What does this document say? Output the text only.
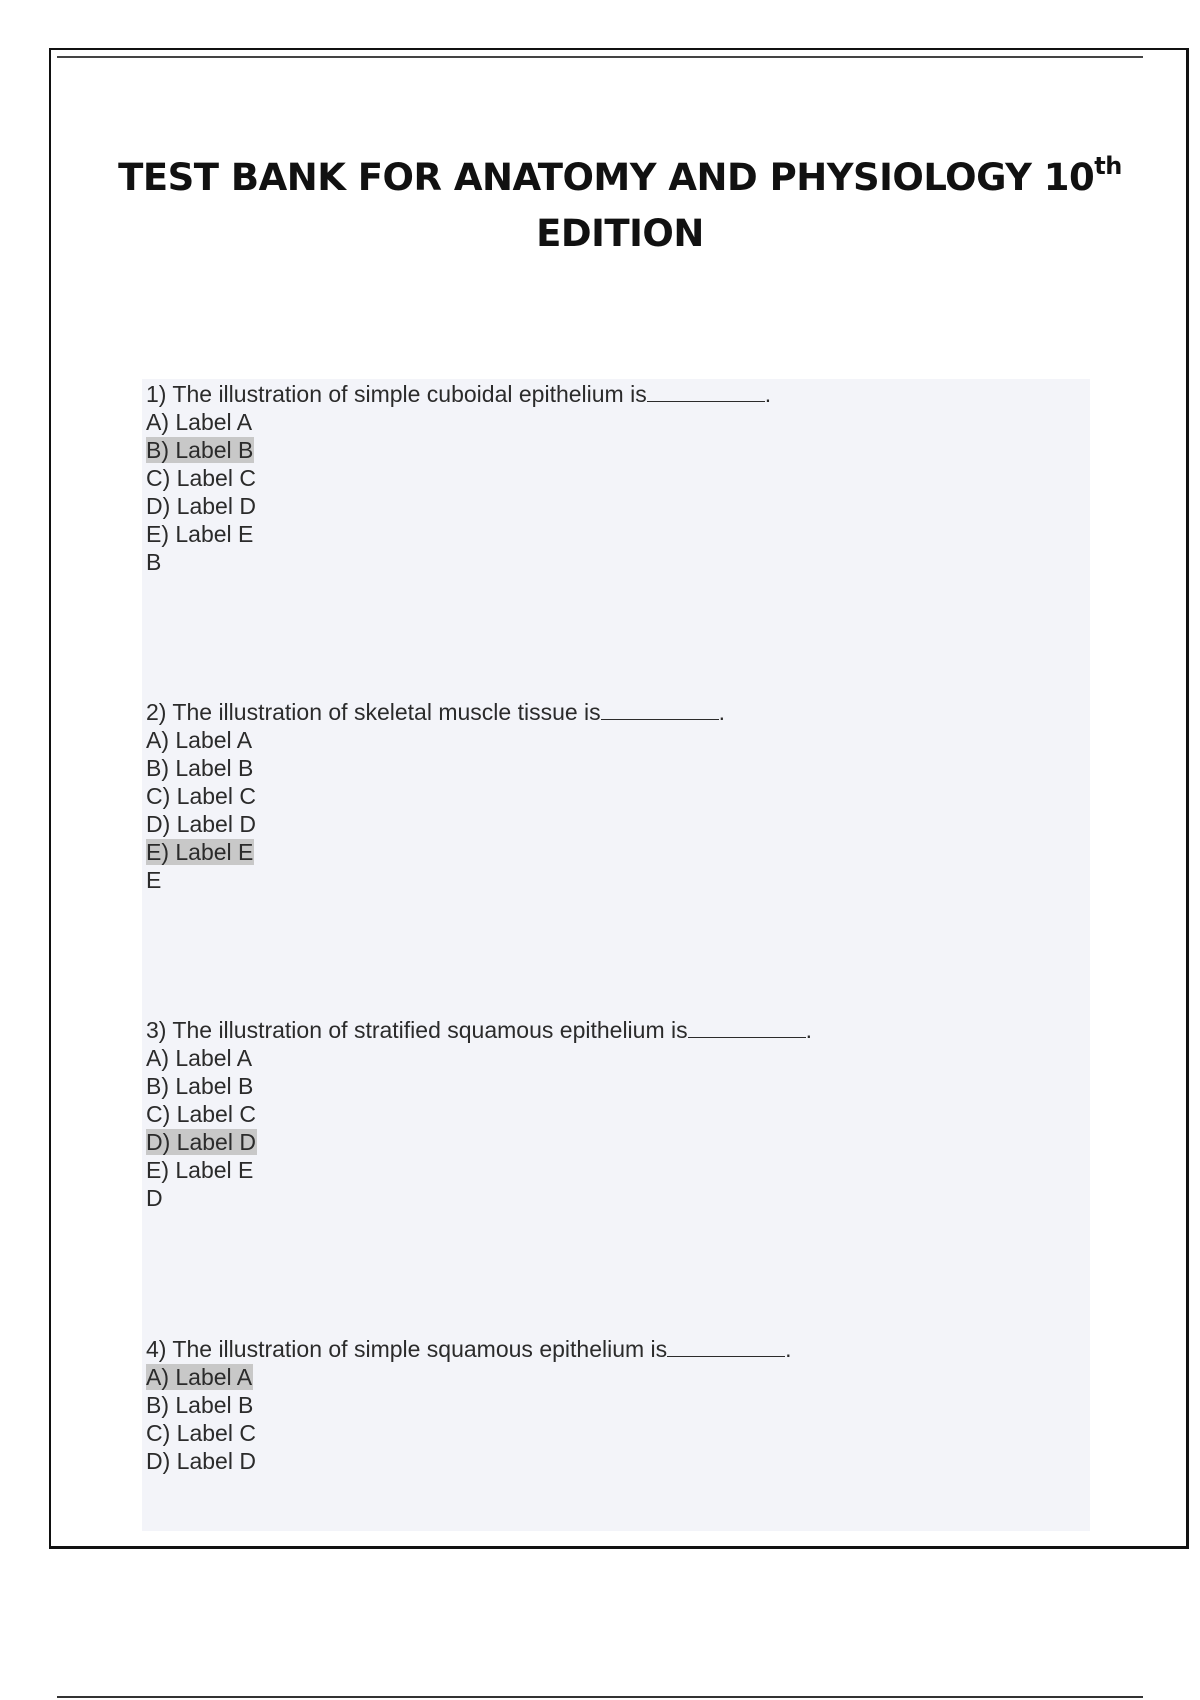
TEST BANK FOR ANATOMY AND PHYSIOLOGY 10th
EDITION
1) The illustration of simple cuboidal epithelium is	.
A) Label A
B) Label B
C) Label C
D) Label D
E) Label E
B
2) The illustration of skeletal muscle tissue is	.
A) Label A
B) Label B
C) Label C
D) Label D
E) Label E
E
3) The illustration of stratified squamous epithelium is	.
A) Label A
B) Label B
C) Label C
D) Label D
E) Label E
D
4) The illustration of simple squamous epithelium is	.
A) Label A
B) Label B
C) Label C
D) Label D
